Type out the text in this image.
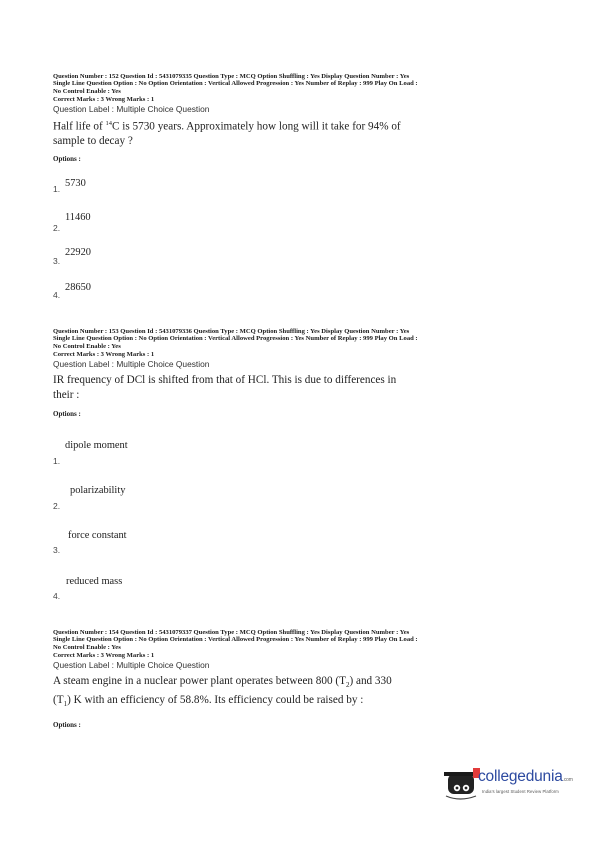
Question Number : 152 Question Id : 5431079335 Question Type : MCQ Option Shuffling : Yes Display Question Number : Yes
Single Line Question Option : No Option Orientation : Vertical Allowed Progression : Yes Number of Replay : 999 Play On Load :
No Control Enable : Yes
Correct Marks : 3 Wrong Marks : 1
Question Label : Multiple Choice Question
Half life of $^{14}$C is 5730 years. Approximately how long will it take for 94% of
sample to decay ?
Options :
1. 5730
2.
11460
3.
22920
4.
28650
Question Number : 153 Question Id : 5431079336 Question Type : MCQ Option Shuffling : Yes Display Question Number : Yes
Single Line Question Option : No Option Orientation : Vertical Allowed Progression : Yes Number of Replay : 999 Play On Load :
No Control Enable : Yes
Correct Marks : 3 Wrong Marks : 1
Question Label : Multiple Choice Question
IR frequency of DCl is shifted from that of HCl. This is due to differences in
their :
Options :
dipole moment
1.
polarizability
2.
force constant
3.
reduced mass
4.
Question Number : 154 Question Id : 5431079337 Question Type : MCQ Option Shuffling : Yes Display Question Number : Yes
Single Line Question Option : No Option Orientation : Vertical Allowed Progression : Yes Number of Replay : 999 Play On Load :
No Control Enable : Yes
Correct Marks : 3 Wrong Marks : 1
Question Label : Multiple Choice Question
A steam engine in a nuclear power plant operates between 800 $(T_2)$ and 330
$(T_1)$ K with an efficiency of 58.8%. Its efficiency could be raised by :
Options :
collegedunia.com
India's largest Student Review Platform
